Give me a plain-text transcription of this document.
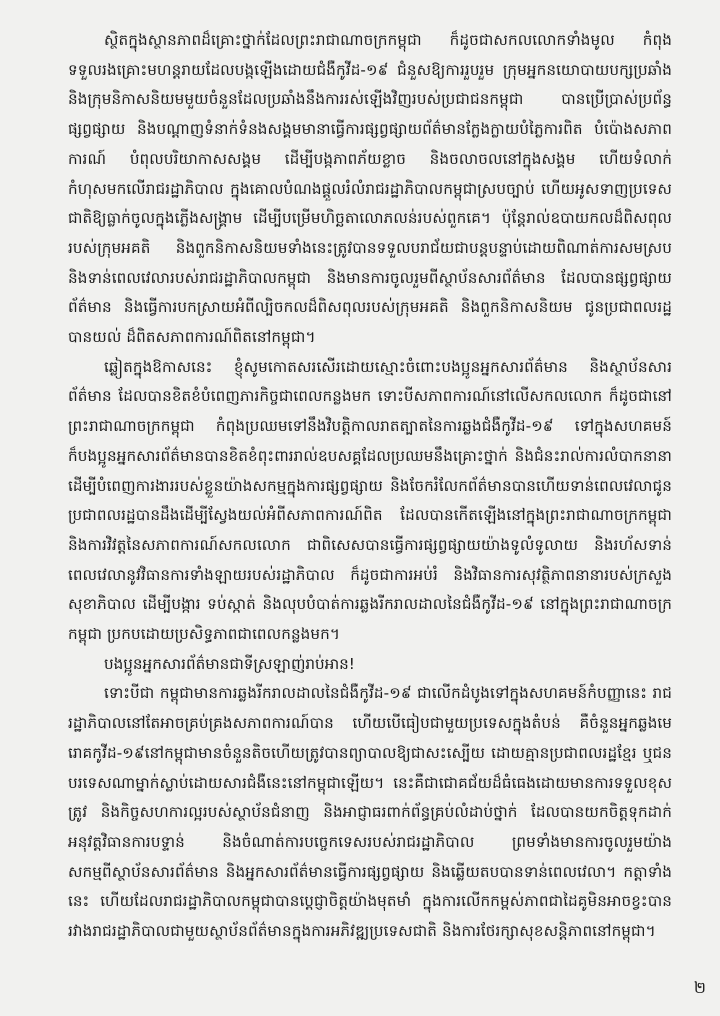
ស្ថិតក្នុងស្ថានភាពដ៏គ្រោះថ្នាក់ដែលព្រះរាជាណាចក្រកម្ពុជា ក៏ដូចជាសកលលោកទាំងមូល កំពុងទទួលរងគ្រោះមហន្តរាយដែលបង្កឡើងដោយជំងឺកូវីដ-១៩ ជំនួសឱ្យការរួបរួម ក្រុមអ្នកនយោបាយបក្សប្រឆាំង និងក្រុមនិកាសនិយមមួយចំនួនដែលប្រឆាំងនឹងការរស់ឡើងវិញរបស់ប្រជាជនកម្ពុជា បានប្រើប្រាស់ប្រព័ន្ធផ្សព្វផ្សាយ និងបណ្ដាញទំនាក់ទំនងសង្គមមានាធ្វើការផ្សព្វផ្សាយព័ត៌មានក្លែងក្លាយបំភ្លៃការពិត បំប៉ោងសភាពការណ៍ បំពុលបរិយាកាសសង្គម ដើម្បីបង្កភាពភ័យខ្លាច និងចលាចលនៅក្នុងសង្គម ហើយទំលាក់កំហុសមកលើរាជរដ្ឋាភិបាល ក្នុងគោលបំណងផ្ដួលរំលំរាជរដ្ឋាភិបាលកម្ពុជាស្របច្បាប់ ហើយអូសទាញប្រទេសជាតិឱ្យធ្លាក់ចូលក្នុងភ្លើងសង្គ្រាម ដើម្បីបម្រើមហិច្ឆតាលោភលន់របស់ពួកគេ។ ប៉ុន្តែរាល់ឧបាយកលដ៏ពិសពុលរបស់ក្រុមអគតិ និងពួកនិកាសនិយមទាំងនេះត្រូវបានទទួលបរាជ័យជាបន្តបន្ទាប់ដោយពិណាត់ការសមស្រប និងទាន់ពេលវេលារបស់រាជរដ្ឋាភិបាលកម្ពុជា និងមានការចូលរួមពីស្ថាប័នសារព័ត៌មាន ដែលបានផ្សព្វផ្សាយព័ត៌មាន និងធ្វើការបកស្រាយអំពីល្បិចកលដ៏ពិសពុលរបស់ក្រុមអគតិ និងពួកនិកាសនិយម ជូនប្រជាពលរដ្ឋបានយល់ ដ៏ពិតសភាពការណ៍ពិតនៅកម្ពុជា។

ឆ្លៀតក្នុងឱកាសនេះ ខ្ញុំសូមកោតសរសើរដោយស្មោះចំពោះបងប្អូនអ្នកសារព័ត៌មាន និងស្ថាប័នសារព័ត៌មាន ដែលបានខិតខំបំពេញភារកិច្ចជាពេលកន្លងមក ទោះបីសភាពការណ៍នៅលើសកលលោក ក៏ដូចជានៅព្រះរាជាណាចក្រកម្ពុជា កំពុងប្រឈមទៅនឹងវិបត្តិកាលរាតត្បាតនៃការឆ្លងជំងឺកូវីដ-១៩ ទៅក្នុងសហគមន៍ ក៏បងប្អូនអ្នកសារព័ត៌មានបានខិតខំពុះពាររាល់ឧបសគ្គដែលប្រឈមនឹងគ្រោះថ្នាក់ និងជំនះរាល់ការលំបាកនានា ដើម្បីបំពេញការងាររបស់ខ្លួនយ៉ាងសកម្មក្នុងការផ្សព្វផ្សាយ និងចែករំលែកព័ត៌មានបានហើយទាន់ពេលវេលាជូនប្រជាពលរដ្ឋបានដឹងដើម្បីស្វែងយល់អំពីសភាពការណ៍ពិត ដែលបានកើតឡើងនៅក្នុងព្រះរាជាណាចក្រកម្ពុជា និងការវិវត្តនៃសភាពការណ៍សកលលោក ជាពិសេសបានធ្វើការផ្សព្វផ្សាយយ៉ាងទូលំទូលាយ និងរហ័សទាន់ពេលវេលានូវវិធានការទាំងឡាយរបស់រដ្ឋាភិបាល ក៏ដូចជាការអប់រំ និងវិធានការសុវត្ថិភាពនានារបស់ក្រសួងសុខាភិបាល ដើម្បីបង្ការ ទប់ស្កាត់ និងលុបបំបាត់ការឆ្លងរីករាលដាលនៃជំងឺកូវីដ-១៩ នៅក្នុងព្រះរាជាណាចក្រកម្ពុជា ប្រកបដោយប្រសិទ្ធភាពជាពេលកន្លងមក។

បងប្អូនអ្នកសារព័ត៌មានជាទីស្រឡាញ់រាប់អាន!

ទោះបីជា កម្ពុជាមានការឆ្លងរីករាលដាលនៃជំងឺកូវីដ-១៩ ជាលើកដំបូងទៅក្នុងសហគមន៍កំបញ្ញានេះ រាជរដ្ឋាភិបាលនៅតែអាចគ្រប់គ្រងសភាពការណ៍បាន ហើយបើធៀបជាមួយប្រទេសក្នុងតំបន់ គឺចំនួនអ្នកឆ្លងមេរោគកូវីដ-១៩នៅកម្ពុជាមានចំនួនតិចហើយត្រូវបានព្យាបាលឱ្យជាសះស្បើយ ដោយគ្មានប្រជាពលរដ្ឋខ្មែរ ឬជនបរទេសណាម្នាក់ស្លាប់ដោយសារជំងឺនេះនៅកម្ពុជាឡើយ។ នេះគឺជាជោគជ័យដ៏ធំធេងដោយមានការទទួលខុសត្រូវ និងកិច្ចសហការល្អរបស់ស្ថាប័នជំនាញ និងអាជ្ញាធរពាក់ព័ន្ធគ្រប់លំដាប់ថ្នាក់ ដែលបានយកចិត្តទុកដាក់អនុវត្តវិធានការបទ្ទាន់ និងចំណាត់ការបច្ចេកទេសរបស់រាជរដ្ឋាភិបាល ព្រមទាំងមានការចូលរួមយ៉ាងសកម្មពីស្ថាប័នសារព័ត៌មាន និងអ្នកសារព័ត៌មានធ្វើការផ្សព្វផ្សាយ និងឆ្លើយតបបានទាន់ពេលវេលា។ កត្តាទាំងនេះ ហើយដែលរាជរដ្ឋាភិបាលកម្ពុជាបានប្ដេជ្ញាចិត្តយ៉ាងមុតមាំ ក្នុងការលើកកម្ពស់ភាពជាដៃគូមិនអាចខ្វះបានរវាងរាជរដ្ឋាភិបាលជាមួយស្ថាប័នព័ត៌មានក្នុងការអភិវឌ្ឍប្រទេសជាតិ និងការថែរក្សាសុខសន្តិភាពនៅកម្ពុជា។

២
